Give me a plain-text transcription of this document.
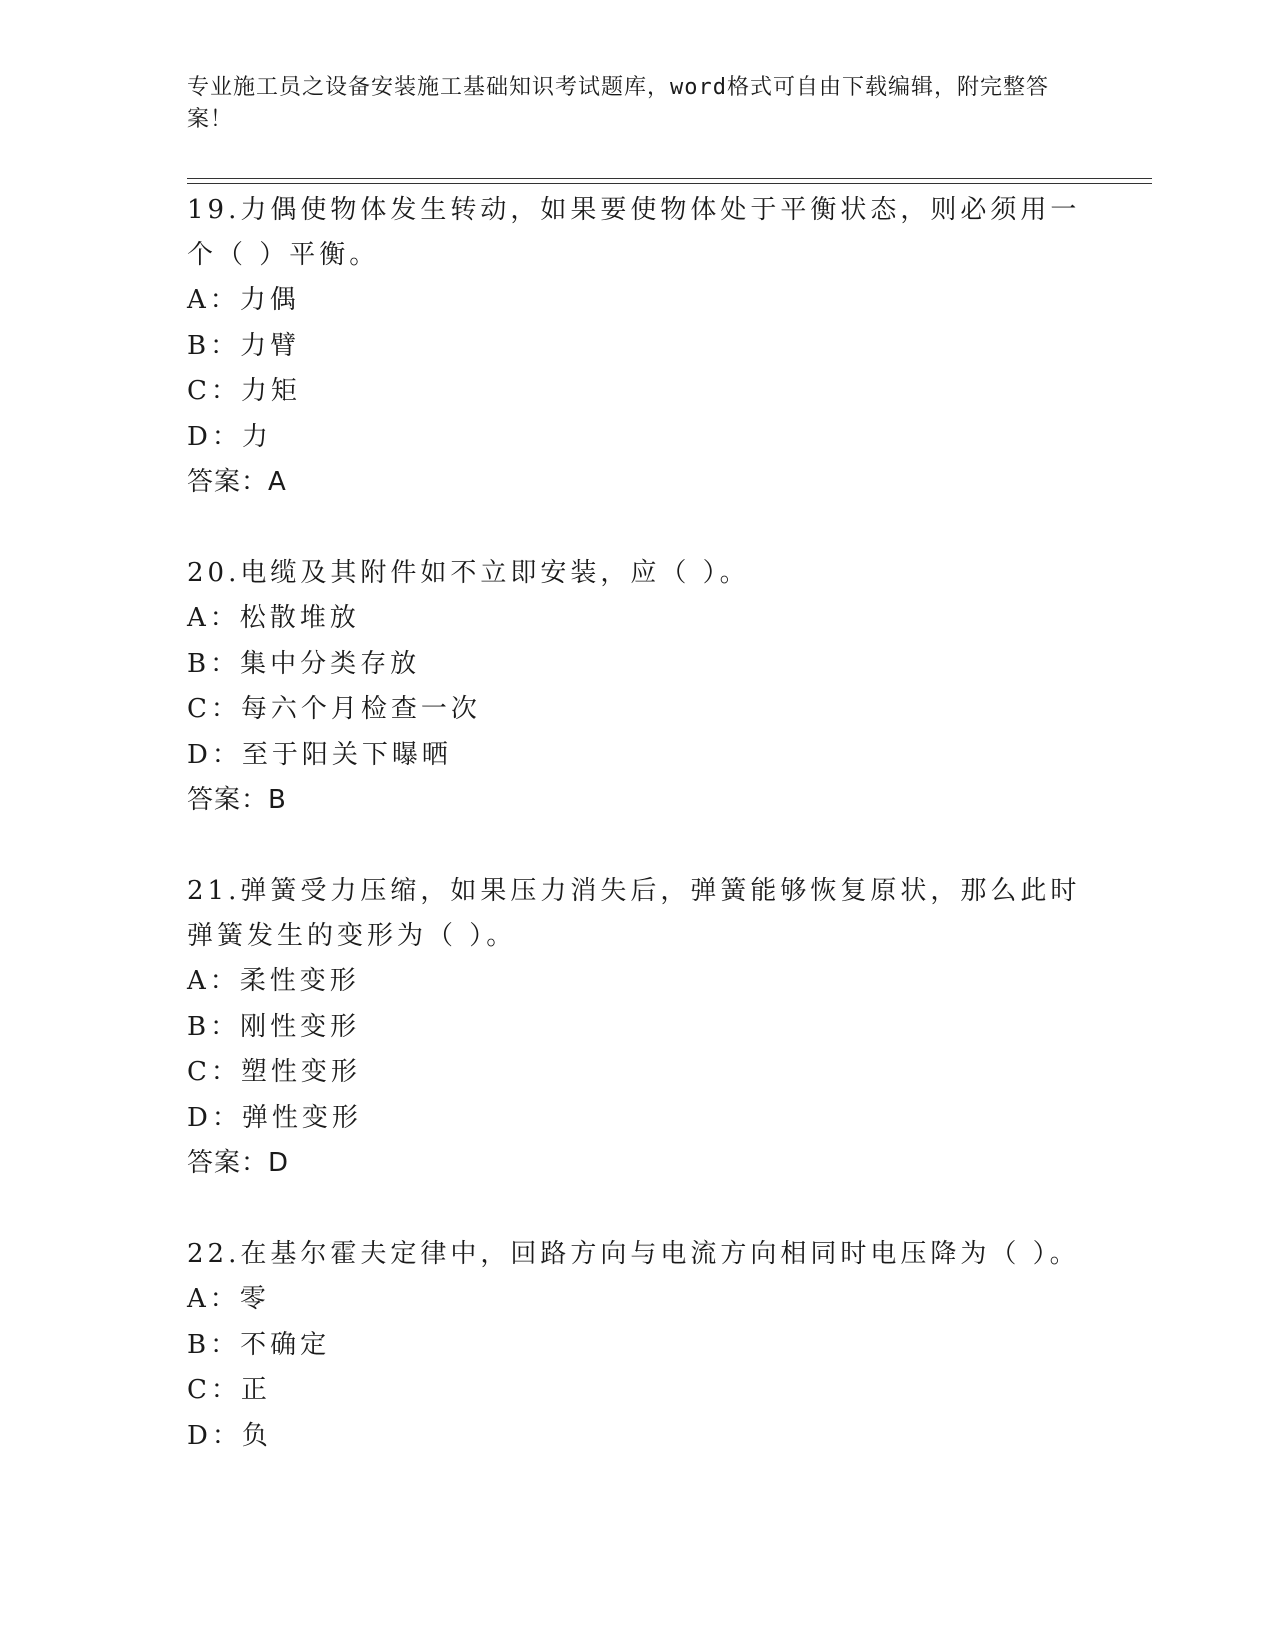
专业施工员之设备安装施工基础知识考试题库，word格式可自由下载编辑，附完整答案！
19.力偶使物体发生转动，如果要使物体处于平衡状态，则必须用一个（ ）平衡。
A：力偶
B：力臂
C：力矩
D：力
答案：A
20.电缆及其附件如不立即安装，应（ ）。
A：松散堆放
B：集中分类存放
C：每六个月检查一次
D：至于阳关下曝晒
答案：B
21.弹簧受力压缩，如果压力消失后，弹簧能够恢复原状，那么此时弹簧发生的变形为（ ）。
A：柔性变形
B：刚性变形
C：塑性变形
D：弹性变形
答案：D
22.在基尔霍夫定律中，回路方向与电流方向相同时电压降为（ ）。
A：零
B：不确定
C：正
D：负
